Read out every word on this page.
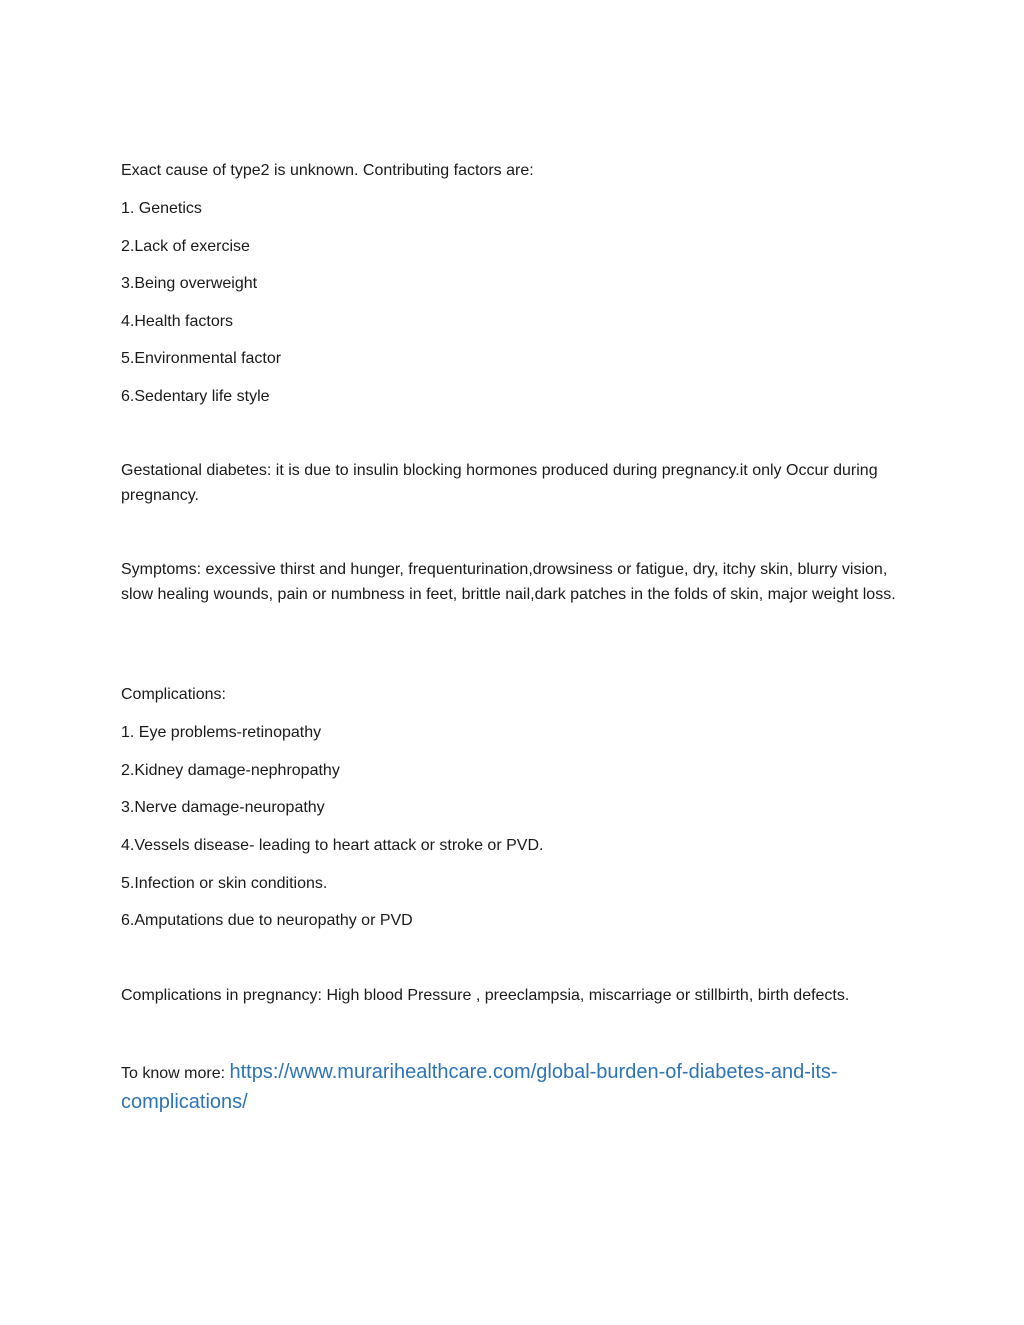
Exact cause of type2 is unknown. Contributing factors are:

1. Genetics

2.Lack of exercise

3.Being overweight

4.Health factors

5.Environmental factor

6.Sedentary life style

Gestational diabetes: it is due to insulin blocking hormones produced during pregnancy.it only Occur during pregnancy.

Symptoms: excessive thirst and hunger, frequenturination,drowsiness or fatigue, dry, itchy skin, blurry vision, slow healing wounds, pain or numbness in feet, brittle nail,dark patches in the folds of skin, major weight loss.

Complications:

1. Eye problems-retinopathy

2.Kidney damage-nephropathy

3.Nerve damage-neuropathy

4.Vessels disease- leading to heart attack or stroke or PVD.

5.Infection or skin conditions.

6.Amputations due to neuropathy or PVD

Complications in pregnancy: High blood Pressure , preeclampsia, miscarriage or stillbirth, birth defects.

To know more: https://www.murarihealthcare.com/global-burden-of-diabetes-and-its-complications/
